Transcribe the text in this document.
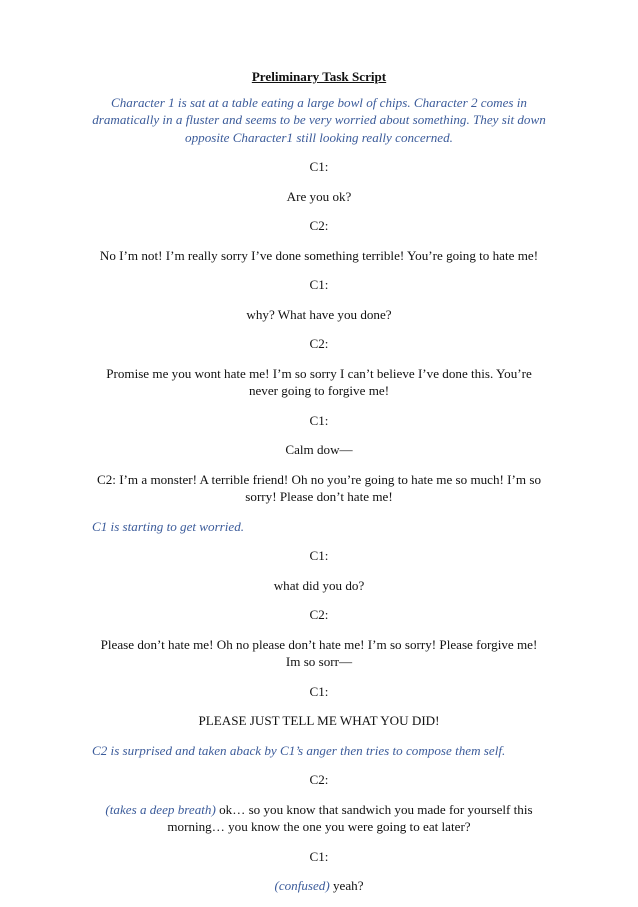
Preliminary Task Script

Character 1 is sat at a table eating a large bowl of chips. Character 2 comes in dramatically in a fluster and seems to be very worried about something. They sit down opposite Character1 still looking really concerned.

C1:

Are you ok?

C2:

No I’m not! I’m really sorry I’ve done something terrible! You’re going to hate me!

C1:

why? What have you done?

C2:

Promise me you wont hate me! I’m so sorry I can’t believe I’ve done this. You’re never going to forgive me!

C1:

Calm dow—

C2: I’m a monster! A terrible friend! Oh no you’re going to hate me so much! I’m so sorry! Please don’t hate me!

C1 is starting to get worried.

C1:

what did you do?

C2:

Please don’t hate me! Oh no please don’t hate me! I’m so sorry! Please forgive me! Im so sorr—

C1:

PLEASE JUST TELL ME WHAT YOU DID!

C2 is surprised and taken aback by C1’s anger then tries to compose them self.

C2:

(takes a deep breath) ok… so you know that sandwich you made for yourself this morning… you know the one you were going to eat later?

C1:

(confused) yeah?
